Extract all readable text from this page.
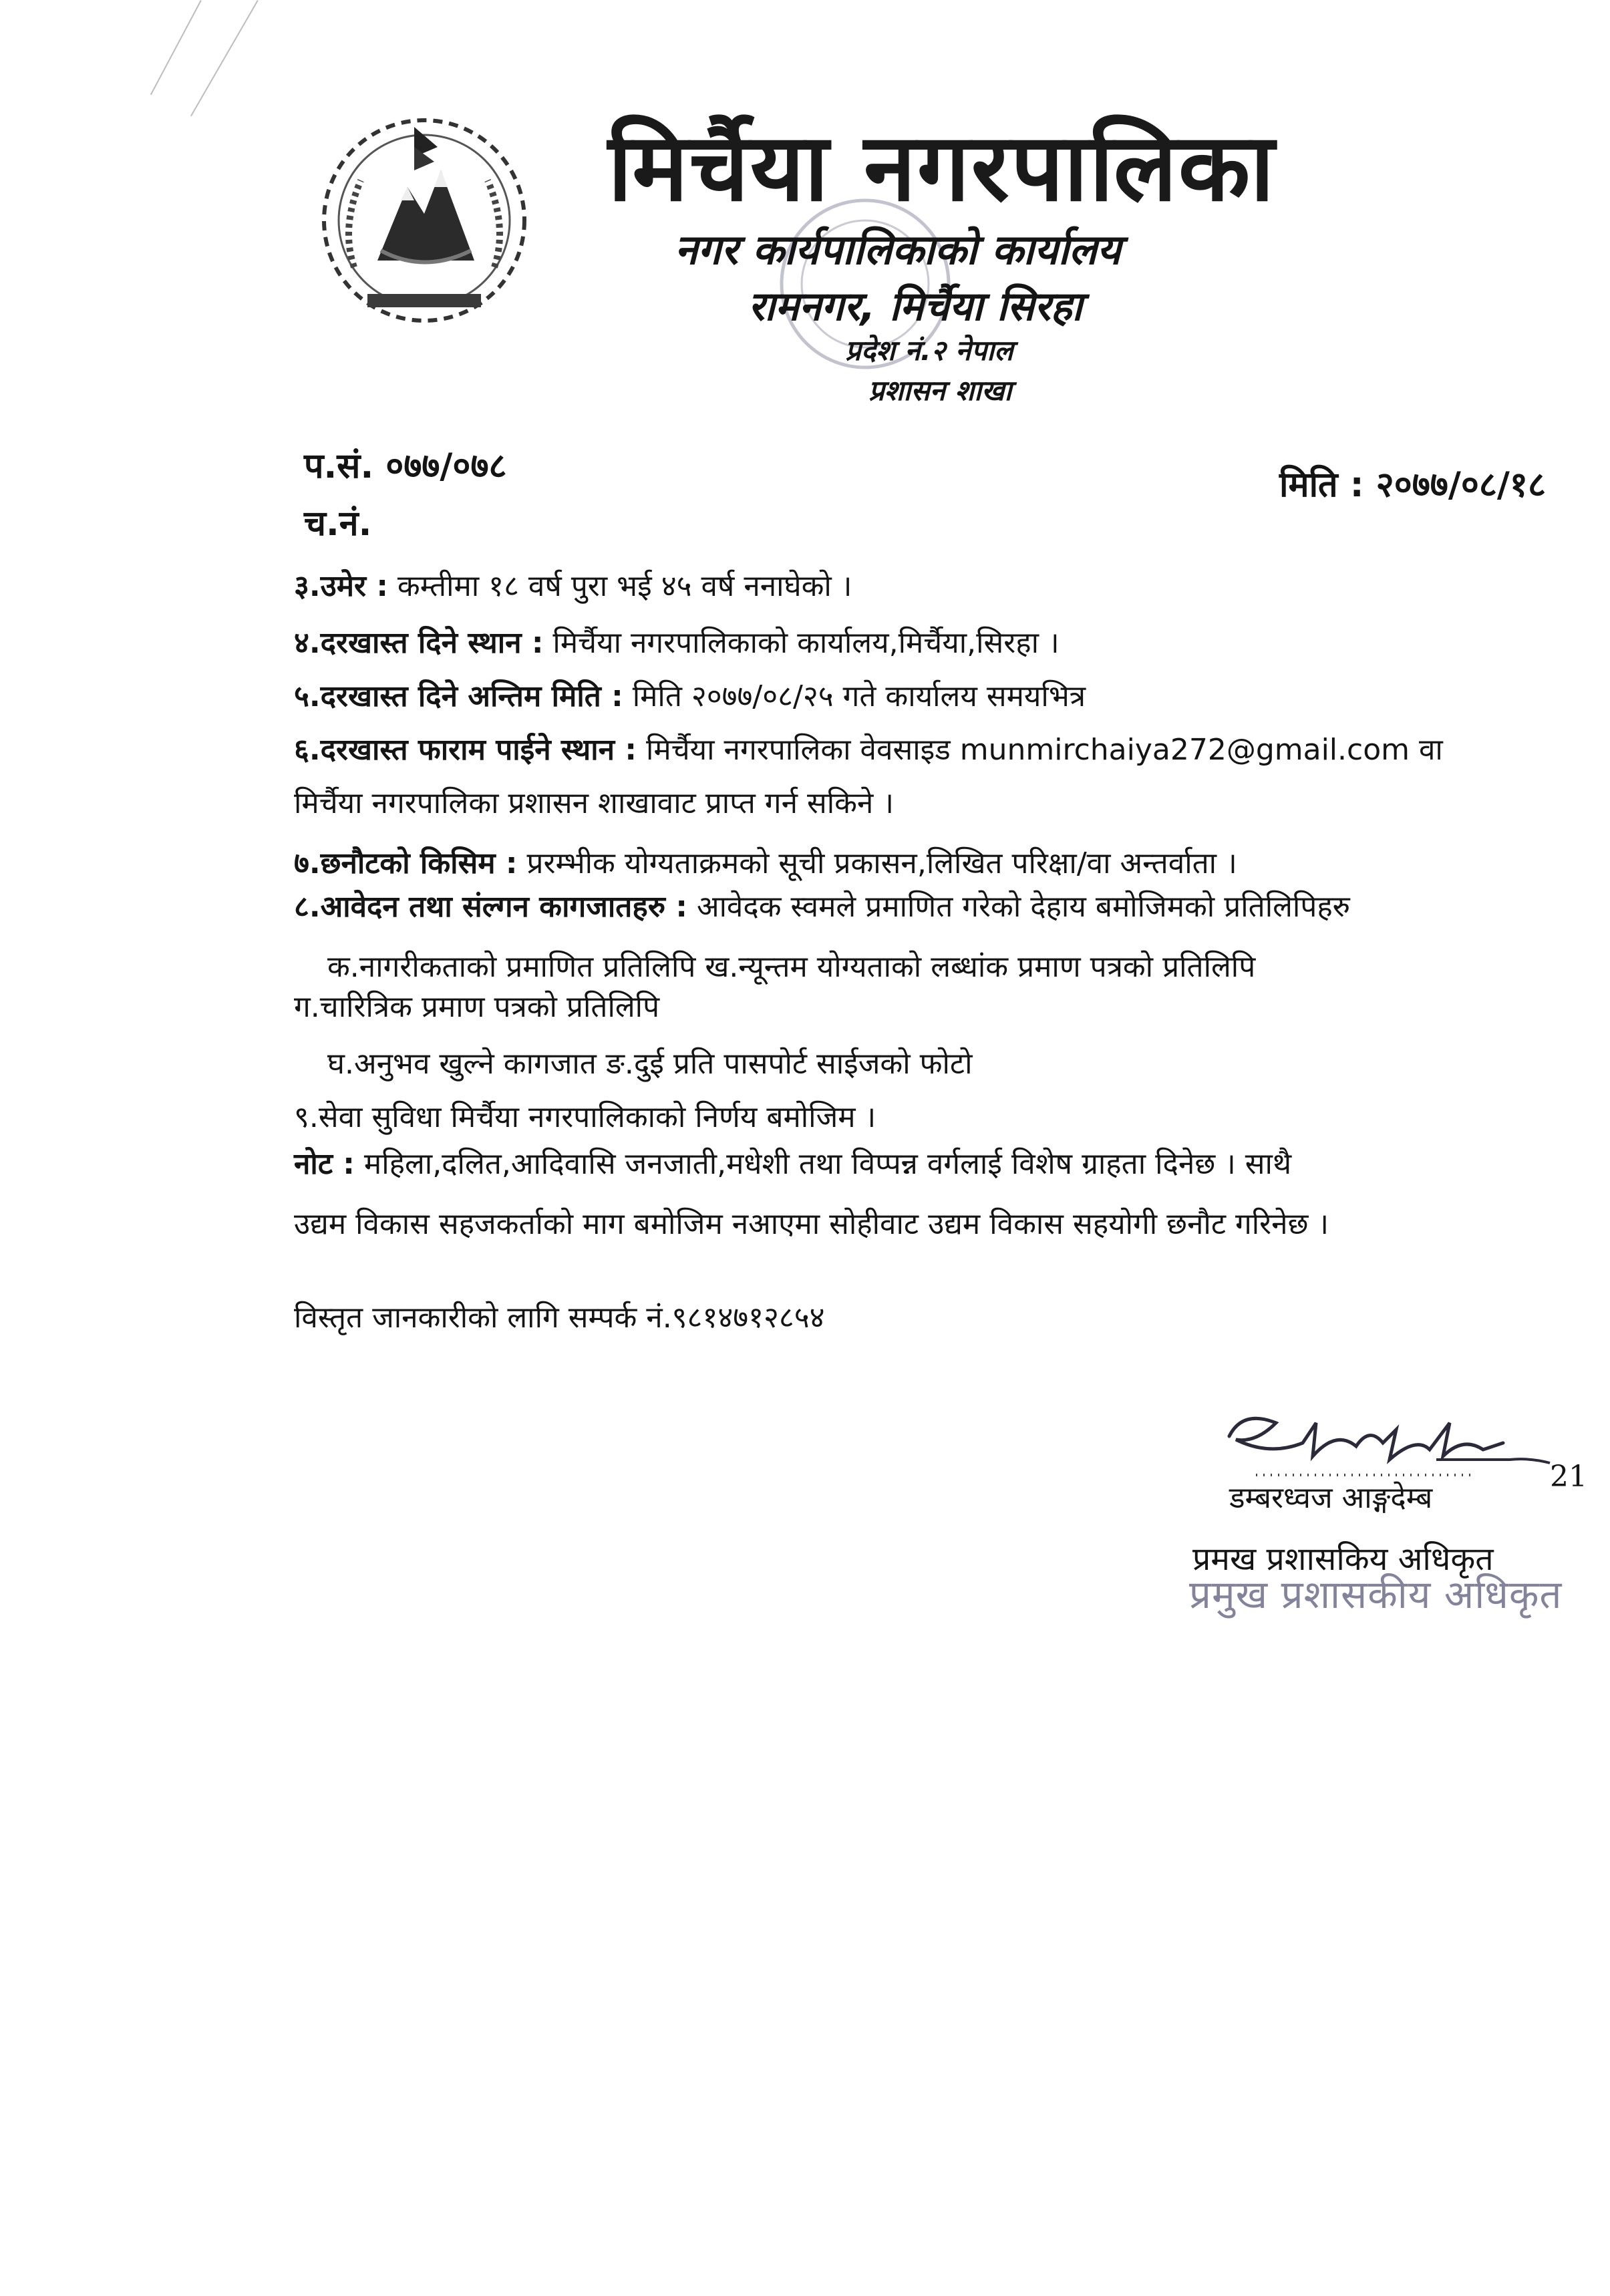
मिर्चैया नगरपालिका
नगर कार्यपालिकाको कार्यालय
रामनगर, मिर्चैया सिरहा
प्रदेश नं.२ नेपाल
प्रशासन शाखा
प.सं. ०७७/०७८	मिति : २०७७/०८/१८
च.नं.
३.उमेर : कम्तीमा १८ वर्ष पुरा भई ४५ वर्ष ननाघेको ।
४.दरखास्त दिने स्थान : मिर्चैया नगरपालिकाको कार्यालय,मिर्चैया,सिरहा ।
५.दरखास्त दिने अन्तिम मिति : मिति २०७७/०८/२५ गते कार्यालय समयभित्र
६.दरखास्त फाराम पाईने स्थान : मिर्चैया नगरपालिका वेवसाइड munmirchaiya272@gmail.com वा
मिर्चैया नगरपालिका प्रशासन शाखावाट प्राप्त गर्न सकिने ।
७.छनौटको किसिम : प्ररम्भीक योग्यताक्रमको सूची प्रकासन,लिखित परिक्षा/वा अन्तर्वाता ।
८.आवेदन तथा संल्गन कागजातहरु : आवेदक स्वमले प्रमाणित गरेको देहाय बमोजिमको प्रतिलिपिहरु
क.नागरीकताको प्रमाणित प्रतिलिपि ख.न्यून्तम योग्यताको लब्धांक प्रमाण पत्रको प्रतिलिपि
ग.चारित्रिक प्रमाण पत्रको प्रतिलिपि
घ.अनुभव खुल्ने कागजात ङ.दुई प्रति पासपोर्ट साईजको फोटो
९.सेवा सुविधा मिर्चैया नगरपालिकाको निर्णय बमोजिम ।
नोट : महिला,दलित,आदिवासि जनजाती,मधेशी तथा विप्पन्न वर्गलाई विशेष ग्राहता दिनेछ । साथै
उद्यम विकास सहजकर्ताको माग बमोजिम नआएमा सोहीवाट उद्यम विकास सहयोगी छनौट गरिनेछ ।
विस्तृत जानकारीको लागि सम्पर्क नं.९८१४७१२८५४
21
डम्बरध्वज आङ्गदेम्ब
प्रमख प्रशासकिय अधिकृत
प्रमुख प्रशासकीय अधिकृत
